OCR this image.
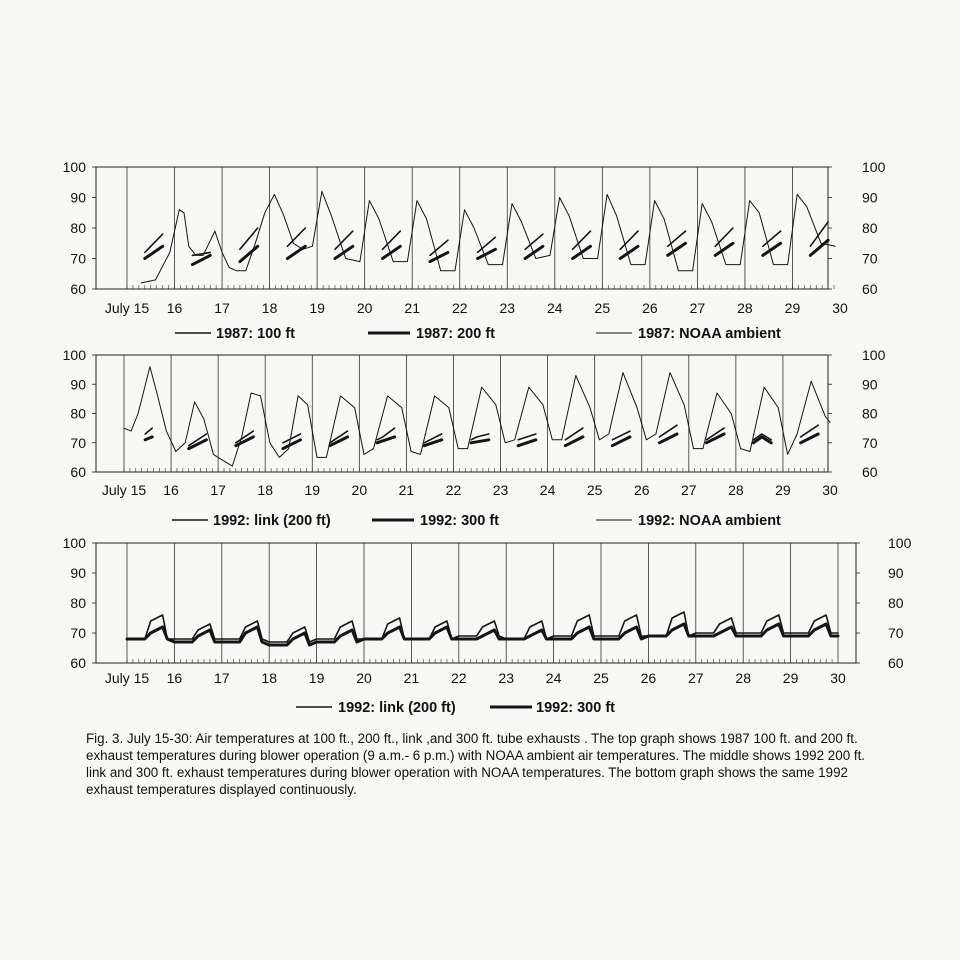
60	60
70	70
80	80
90	90
100	100
July 15 16 17 18 19 20 21 22 23 24 25 26 27 28 29 30
1987: 100 ft	1987: 200 ft	1987: NOAA ambient
60	60
70	70
80	80
90	90
100	100
July 15 16 17 18 19 20 21 22 23 24 25 26 27 28 29 30
1992: link (200 ft)	1992: 300 ft	1992: NOAA ambient
60	60
70	70
80	80
90	90
100	100
July 15 16 17 18 19 20 21 22 23 24 25 26 27 28 29 30
1992: link (200 ft)	1992: 300 ft
Fig. 3. July 15-30: Air temperatures at 100 ft., 200 ft., link ,and 300 ft. tube exhausts . The top graph shows 1987 100 ft. and 200 ft. exhaust temperatures during blower operation (9 a.m.- 6 p.m.) with NOAA ambient air temperatures. The middle shows 1992 200 ft. link and 300 ft. exhaust temperatures during blower operation with NOAA temperatures. The bottom graph shows the same 1992 exhaust temperatures displayed continuously.
